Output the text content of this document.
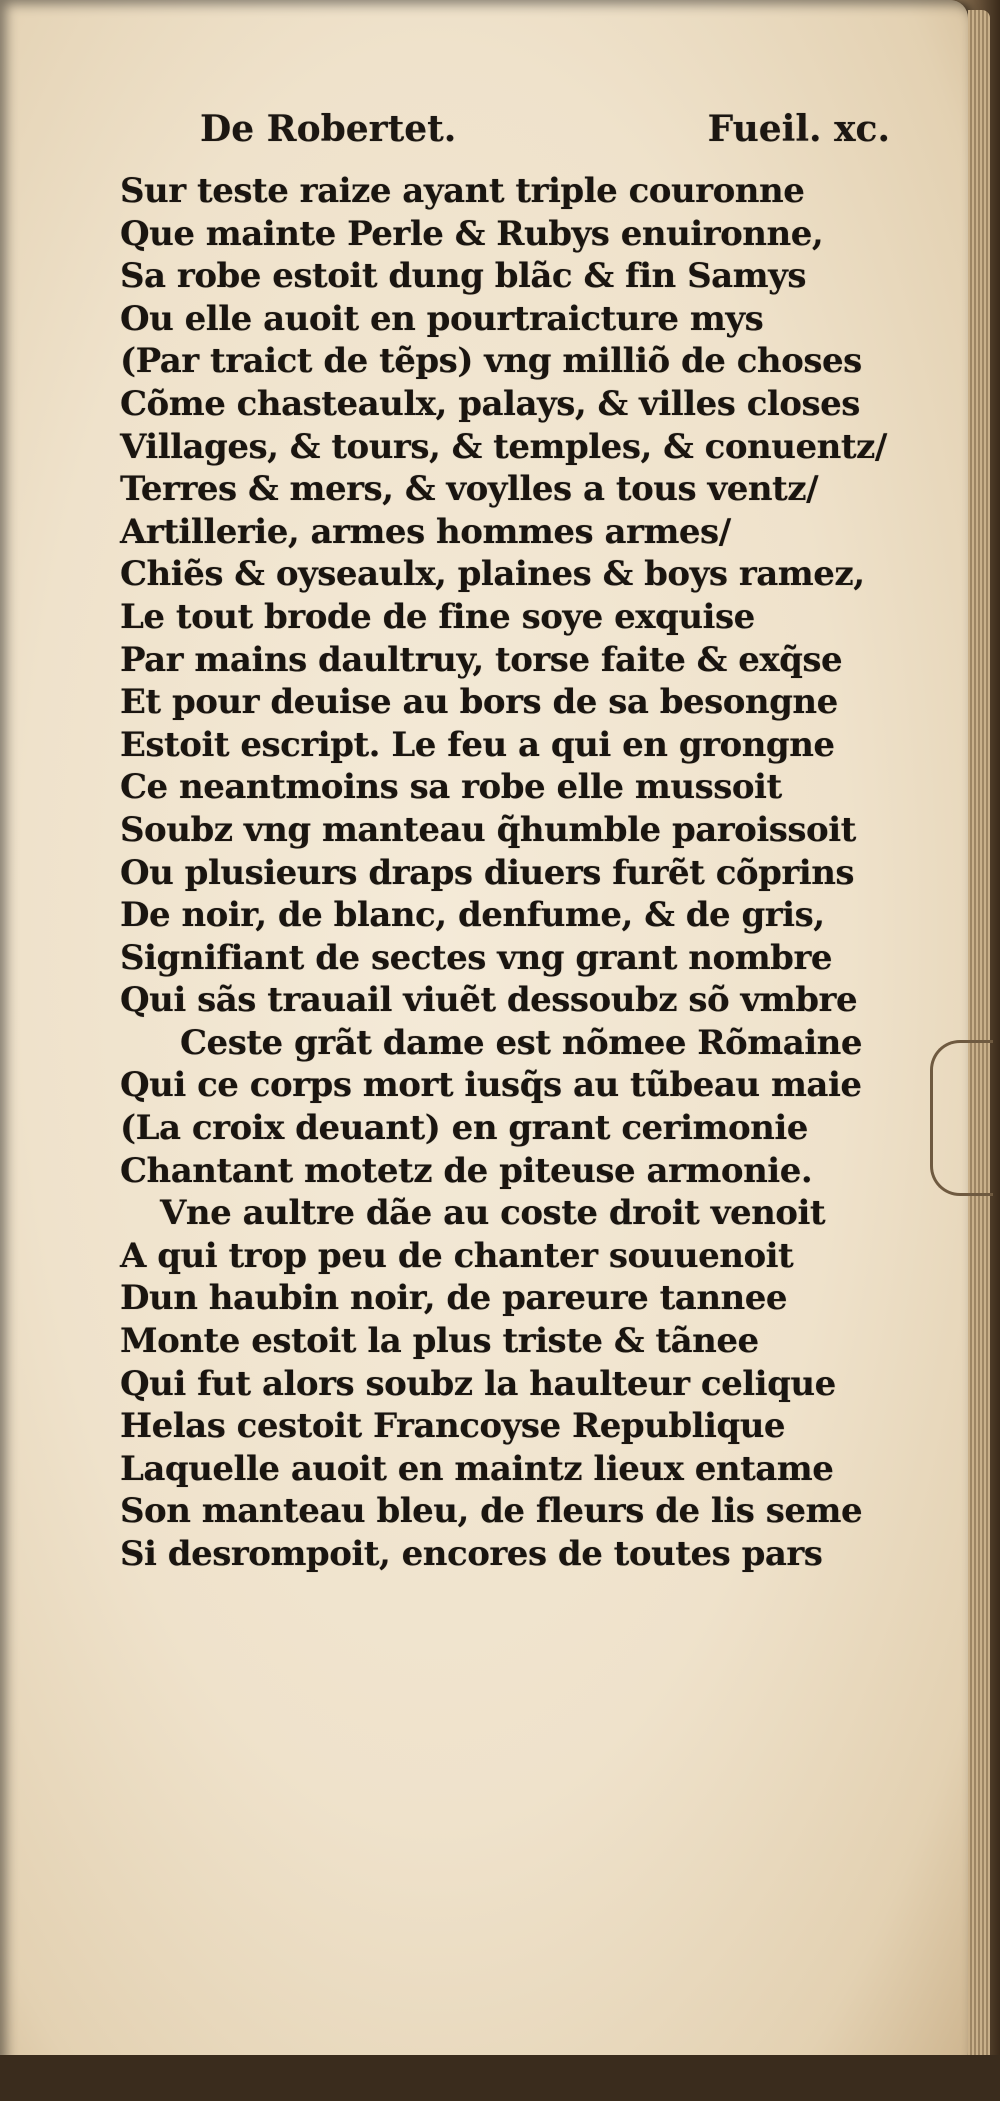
De Robertet.	Fueil. xc.
Sur teste raize ayant triple couronne
Que mainte Perle & Rubys enuironne,
Sa robe estoit dung blãc & fin Samys
Ou elle auoit en pourtraicture mys
(Par traict de tẽps) vng milliõ de choses
Cõme chasteaulx, palays, & villes closes
Villages, & tours, & temples, & conuentz/
Terres & mers, & voylles a tous ventz/
Artillerie, armes hommes armes/
Chiẽs & oyseaulx, plaines & boys ramez,
Le tout brode de fine soye exquise
Par mains daultruy, torse faite & exq̃se
Et pour deuise au bors de sa besongne
Estoit escript. Le feu a qui en grongne
Ce neantmoins sa robe elle mussoit
Soubz vng manteau q̃humble paroissoit
Ou plusieurs draps diuers furẽt cõprins
De noir, de blanc, denfume, & de gris,
Signifiant de sectes vng grant nombre
Qui sãs trauail viuẽt dessoubz sõ vmbre
Ceste grãt dame est nõmee Rõmaine
Qui ce corps mort iusq̃s au tũbeau maie
(La croix deuant) en grant cerimonie
Chantant motetz de piteuse armonie.
Vne aultre dãe au coste droit venoit
A qui trop peu de chanter souuenoit
Dun haubin noir, de pareure tannee
Monte estoit la plus triste & tãnee
Qui fut alors soubz la haulteur celique
Helas cestoit Francoyse Republique
Laquelle auoit en maintz lieux entame
Son manteau bleu, de fleurs de lis seme
Si desrompoit, encores de toutes pars
